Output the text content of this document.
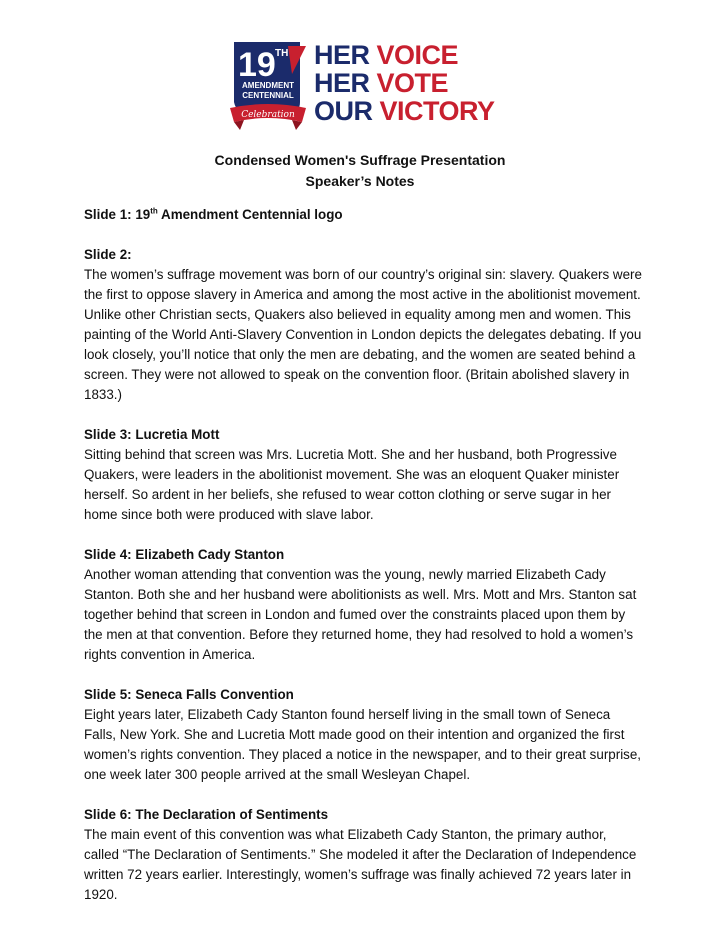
19 TH
AMENDMENT
CENTENNIAL
Celebration
HER VOICE
HER VOTE
OUR VICTORY
Condensed Women's Suffrage Presentation
Speaker’s Notes
Slide 1: 19th Amendment Centennial logo
Slide 2:

The women’s suffrage movement was born of our country’s original sin: slavery. Quakers were the first to oppose slavery in America and among the most active in the abolitionist movement. Unlike other Christian sects, Quakers also believed in equality among men and women. This painting of the World Anti-Slavery Convention in London depicts the delegates debating. If you look closely, you’ll notice that only the men are debating, and the women are seated behind a screen. They were not allowed to speak on the convention floor. (Britain abolished slavery in 1833.)

Slide 3: Lucretia Mott

Sitting behind that screen was Mrs. Lucretia Mott. She and her husband, both Progressive Quakers, were leaders in the abolitionist movement. She was an eloquent Quaker minister herself. So ardent in her beliefs, she refused to wear cotton clothing or serve sugar in her home since both were produced with slave labor.

Slide 4: Elizabeth Cady Stanton

Another woman attending that convention was the young, newly married Elizabeth Cady Stanton. Both she and her husband were abolitionists as well. Mrs. Mott and Mrs. Stanton sat together behind that screen in London and fumed over the constraints placed upon them by the men at that convention. Before they returned home, they had resolved to hold a women’s rights convention in America.

Slide 5: Seneca Falls Convention

Eight years later, Elizabeth Cady Stanton found herself living in the small town of Seneca Falls, New York. She and Lucretia Mott made good on their intention and organized the first women’s rights convention. They placed a notice in the newspaper, and to their great surprise, one week later 300 people arrived at the small Wesleyan Chapel.

Slide 6: The Declaration of Sentiments

The main event of this convention was what Elizabeth Cady Stanton, the primary author, called “The Declaration of Sentiments.” She modeled it after the Declaration of Independence written 72 years earlier. Interestingly, women’s suffrage was finally achieved 72 years later in 1920.
